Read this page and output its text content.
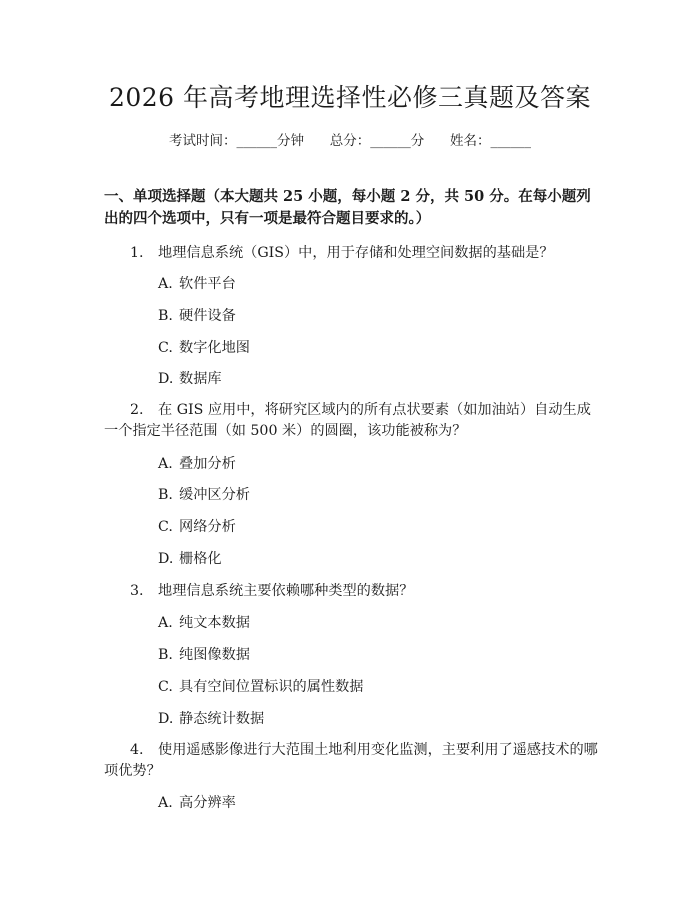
2026 年高考地理选择性必修三真题及答案
考试时间：______分钟      总分：______分      姓名：______
一、单项选择题（本大题共 25 小题，每小题 2 分，共 50 分。在每小题列出的四个选项中，只有一项是最符合题目要求的。）
1. 地理信息系统（GIS）中，用于存储和处理空间数据的基础是？
A. 软件平台
B. 硬件设备
C. 数字化地图
D. 数据库
2. 在 GIS 应用中，将研究区域内的所有点状要素（如加油站）自动生成一个指定半径范围（如 500 米）的圆圈，该功能被称为？
A. 叠加分析
B. 缓冲区分析
C. 网络分析
D. 栅格化
3. 地理信息系统主要依赖哪种类型的数据？
A. 纯文本数据
B. 纯图像数据
C. 具有空间位置标识的属性数据
D. 静态统计数据
4. 使用遥感影像进行大范围土地利用变化监测，主要利用了遥感技术的哪项优势？
A. 高分辨率
